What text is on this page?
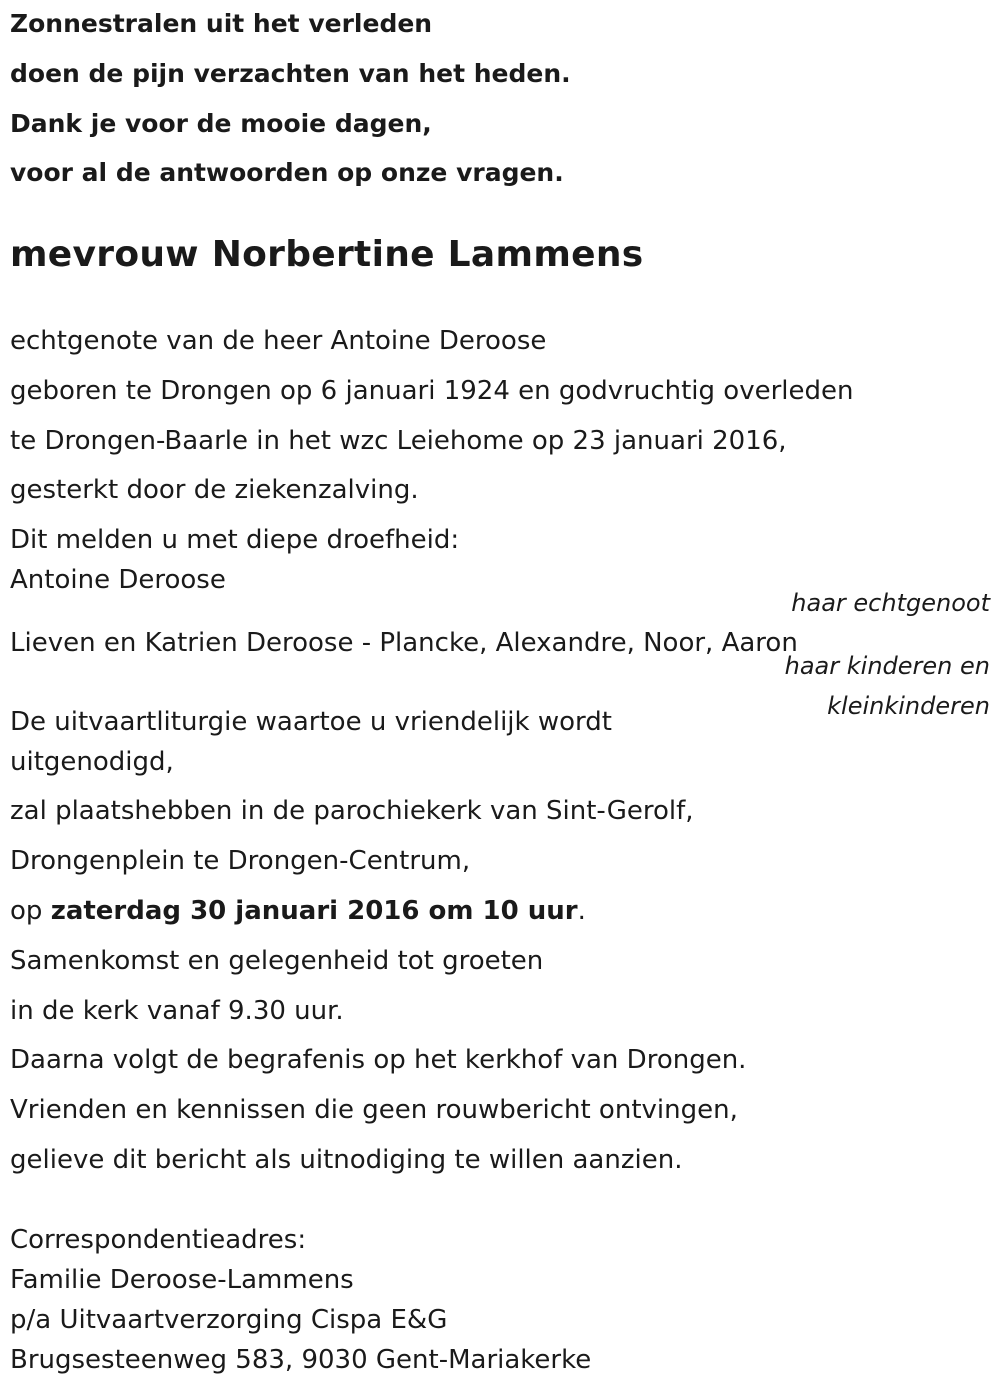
Zonnestralen uit het verleden
doen de pijn verzachten van het heden.
Dank je voor de mooie dagen,
voor al de antwoorden op onze vragen.
mevrouw Norbertine Lammens
echtgenote van de heer Antoine Deroose
geboren te Drongen op 6 januari 1924 en godvruchtig overleden
te Drongen-Baarle in het wzc Leiehome op 23 januari 2016,
gesterkt door de ziekenzalving.
Dit melden u met diepe droefheid:
Antoine Deroose
haar echtgenoot
Lieven en Katrien Deroose - Plancke, Alexandre, Noor, Aaron
haar kinderen en
kleinkinderen
De uitvaartliturgie waartoe u vriendelijk wordt
uitgenodigd,
zal plaatshebben in de parochiekerk van Sint-Gerolf,
Drongenplein te Drongen-Centrum,
op zaterdag 30 januari 2016 om 10 uur.
Samenkomst en gelegenheid tot groeten
in de kerk vanaf 9.30 uur.
Daarna volgt de begrafenis op het kerkhof van Drongen.
Vrienden en kennissen die geen rouwbericht ontvingen,
gelieve dit bericht als uitnodiging te willen aanzien.
Correspondentieadres:
Familie Deroose-Lammens
p/a Uitvaartverzorging Cispa E&G
Brugsesteenweg 583, 9030 Gent-Mariakerke
